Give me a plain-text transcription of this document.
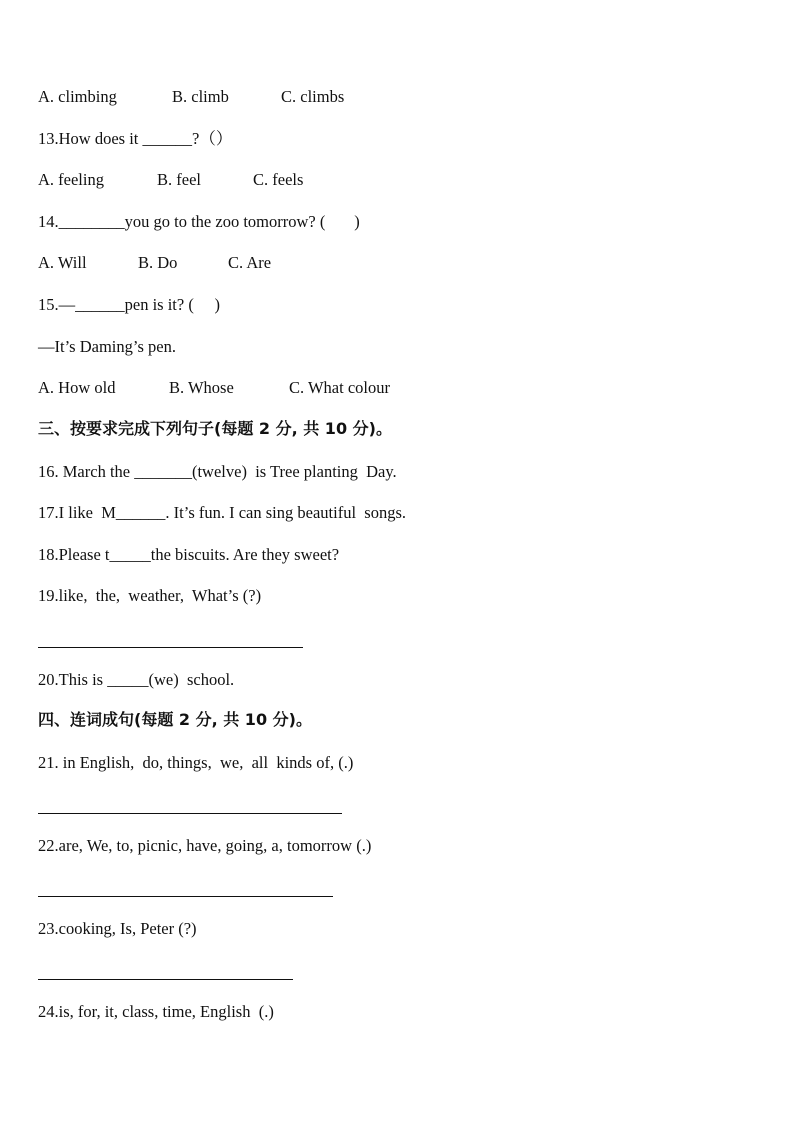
A. climbing	B. climb	C. climbs

13.How does it ______?（）

A. feeling	B. feel	C. feels

14.________you go to the zoo tomorrow? (       )

A. Will	B. Do	C. Are

15.—______pen is it? (     )

—It’s Daming’s pen.

A. How old	B. Whose	C. What colour

三、按要求完成下列句子(每题 2 分, 共 10 分)。

16. March the _______(twelve)  is Tree planting  Day.

17.I like  M______. It’s fun. I can sing beautiful  songs.

18.Please t_____the biscuits. Are they sweet?

19.like,  the,  weather,  What’s (?)

20.This is _____(we)  school.

四、连词成句(每题 2 分, 共 10 分)。

21. in English,  do, things,  we,  all  kinds of, (.)

22.are, We, to, picnic, have, going, a, tomorrow (.)

23.cooking, Is, Peter (?)

24.is, for, it, class, time, English  (.)
